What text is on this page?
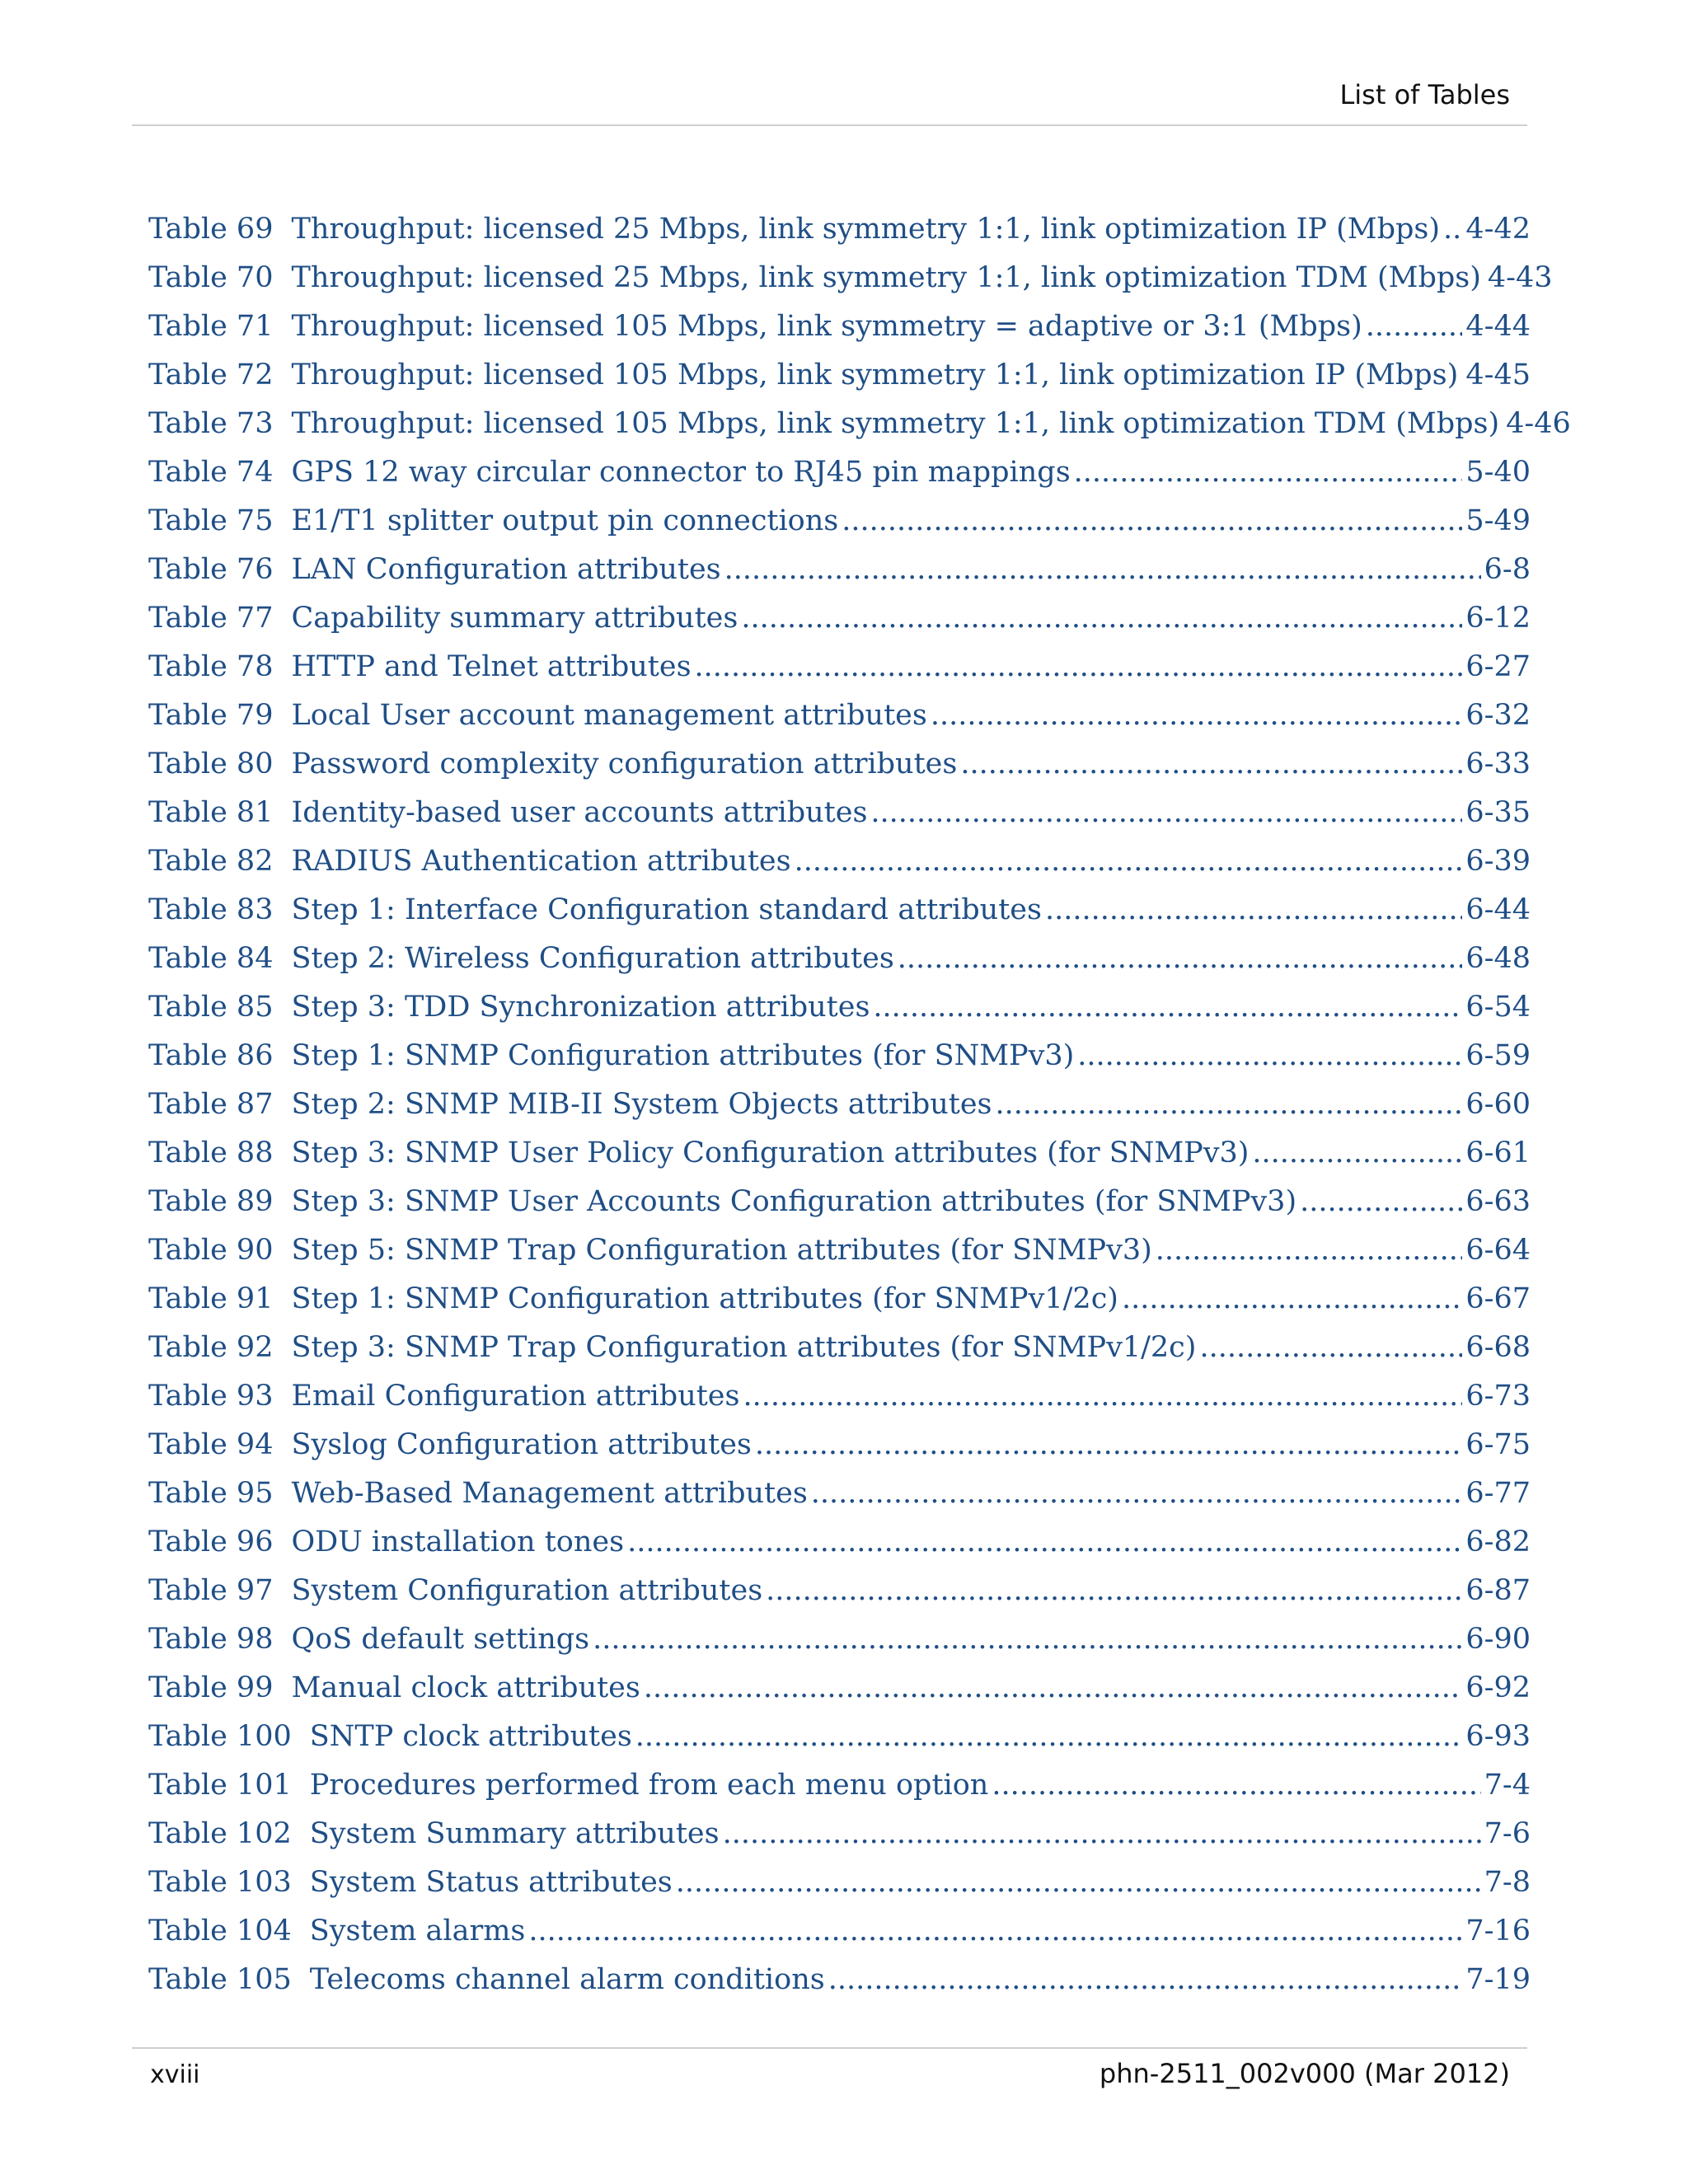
List of Tables
Table 69 Throughput: licensed 25 Mbps, link symmetry 1:1, link optimization IP (Mbps) ..... 4-42
Table 70 Throughput: licensed 25 Mbps, link symmetry 1:1, link optimization TDM (Mbps) 4-43
Table 71 Throughput: licensed 105 Mbps, link symmetry = adaptive or 3:1 (Mbps) .....	4-44
Table 72 Throughput: licensed 105 Mbps, link symmetry 1:1, link optimization IP (Mbps) ..... 4-45
Table 73 Throughput: licensed 105 Mbps, link symmetry 1:1, link optimization TDM (Mbps) 4-46
Table 74 GPS 12 way circular connector to RJ45 pin mappings .....	5-40
Table 75 E1/T1 splitter output pin connections .....	5-49
Table 76 LAN Configuration attributes .....	6-8
Table 77 Capability summary attributes .....	6-12
Table 78 HTTP and Telnet attributes .....	6-27
Table 79 Local User account management attributes .....	6-32
Table 80 Password complexity configuration attributes .....	6-33
Table 81 Identity-based user accounts attributes .....	6-35
Table 82 RADIUS Authentication attributes .....	6-39
Table 83 Step 1: Interface Configuration standard attributes .....	6-44
Table 84 Step 2: Wireless Configuration attributes .....	6-48
Table 85 Step 3: TDD Synchronization attributes .....	6-54
Table 86 Step 1: SNMP Configuration attributes (for SNMPv3) .....	6-59
Table 87 Step 2: SNMP MIB-II System Objects attributes .....	6-60
Table 88 Step 3: SNMP User Policy Configuration attributes (for SNMPv3) .....	6-61
Table 89 Step 3: SNMP User Accounts Configuration attributes (for SNMPv3) .....	6-63
Table 90 Step 5: SNMP Trap Configuration attributes (for SNMPv3) .....	6-64
Table 91 Step 1: SNMP Configuration attributes (for SNMPv1/2c) .....	6-67
Table 92 Step 3: SNMP Trap Configuration attributes (for SNMPv1/2c) .....	6-68
Table 93 Email Configuration attributes .....	6-73
Table 94 Syslog Configuration attributes .....	6-75
Table 95 Web-Based Management attributes .....	6-77
Table 96 ODU installation tones .....	6-82
Table 97 System Configuration attributes .....	6-87
Table 98 QoS default settings .....	6-90
Table 99 Manual clock attributes .....	6-92
Table 100 SNTP clock attributes .....	6-93
Table 101 Procedures performed from each menu option .....	7-4
Table 102 System Summary attributes .....	7-6
Table 103 System Status attributes .....	7-8
Table 104 System alarms .....	7-16
Table 105 Telecoms channel alarm conditions .....	7-19
xviii	phn-2511_002v000 (Mar 2012)
